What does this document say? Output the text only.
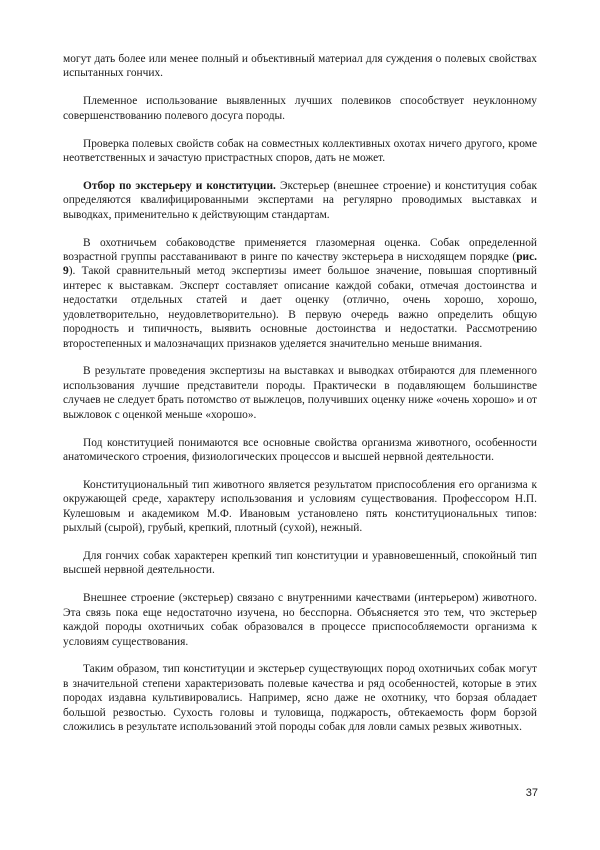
могут дать более или менее полный и объективный материал для суждения о полевых свойствах испытанных гончих.

Племенное использование выявленных лучших полевиков способствует неуклонному совершенствованию полевого досуга породы.

Проверка полевых свойств собак на совместных коллективных охотах ничего другого, кроме неответственных и зачастую пристрастных споров, дать не может.

Отбор по экстерьеру и конституции. Экстерьер (внешнее строение) и конституция собак определяются квалифицированными экспертами на регулярно проводимых выставках и выводках, применительно к действующим стандартам.

В охотничьем собаководстве применяется глазомерная оценка. Собак определенной возрастной группы расставанивают в ринге по качеству экстерьера в нисходящем порядке (рис. 9). Такой сравнительный метод экспертизы имеет большое значение, повышая спортивный интерес к выставкам. Эксперт составляет описание каждой собаки, отмечая достоинства и недостатки отдельных статей и дает оценку (отлично, очень хорошо, хорошо, удовлетворительно, неудовлетворительно). В первую очередь важно определить общую породность и типичность, выявить основные достоинства и недостатки. Рассмотрению второстепенных и малозначащих признаков уделяется значительно меньше внимания.

В результате проведения экспертизы на выставках и выводках отбираются для племенного использования лучшие представители породы. Практически в подавляющем большинстве случаев не следует брать потомство от выжлецов, получивших оценку ниже «очень хорошо» и от выжловок с оценкой меньше «хорошо».

Под конституцией понимаются все основные свойства организма животного, особенности анатомического строения, физиологических процессов и высшей нервной деятельности.

Конституциональный тип животного является результатом приспособления его организма к окружающей среде, характеру использования и условиям существования. Профессором Н.П. Кулешовым и академиком М.Ф. Ивановым установлено пять конституциональных типов: рыхлый (сырой), грубый, крепкий, плотный (сухой), нежный.

Для гончих собак характерен крепкий тип конституции и уравновешенный, спокойный тип высшей нервной деятельности.

Внешнее строение (экстерьер) связано с внутренними качествами (интерьером) животного. Эта связь пока еще недостаточно изучена, но бесспорна. Объясняется это тем, что экстерьер каждой породы охотничьих собак образовался в процессе приспособляемости организма к условиям существования.

Таким образом, тип конституции и экстерьер существующих пород охотничьих собак могут в значительной степени характеризовать полевые качества и ряд особенностей, которые в этих породах издавна культивировались. Например, ясно даже не охотнику, что борзая обладает большой резвостью. Сухость головы и туловища, поджарость, обтекаемость форм борзой сложились в результате использований этой породы собак для ловли самых резвых животных.

37
